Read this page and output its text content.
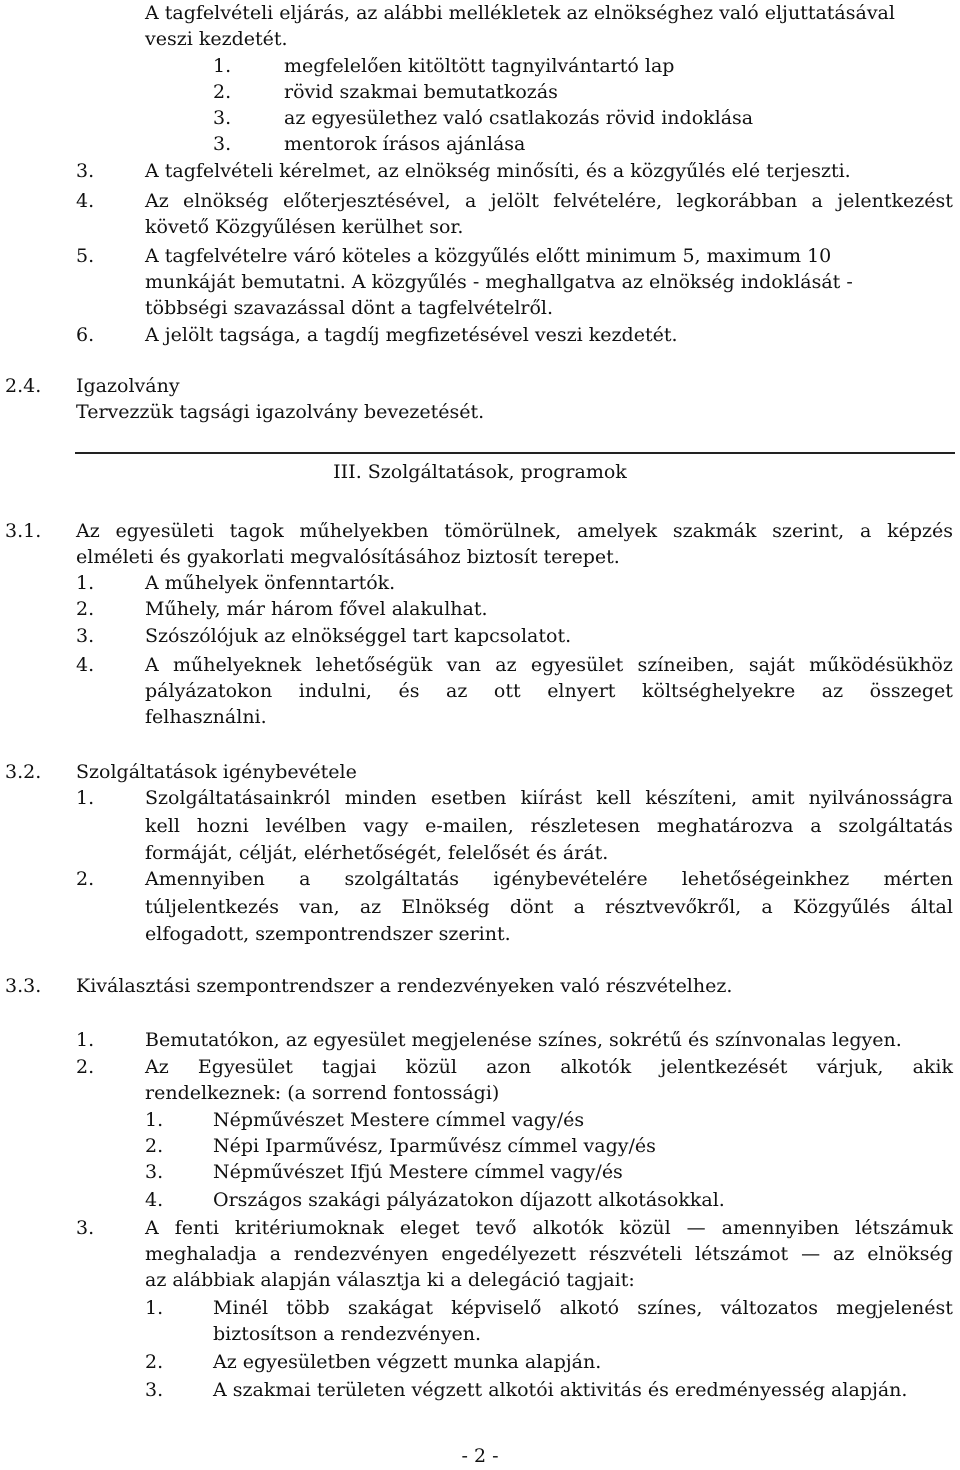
A tagfelvételi eljárás, az alábbi mellékletek az elnökséghez való eljuttatásával
veszi kezdetét.
1.	megfelelően kitöltött tagnyilvántartó lap
2.	rövid szakmai bemutatkozás
3.	az egyesülethez való csatlakozás rövid indoklása
3.	mentorok írásos ajánlása
3.	A tagfelvételi kérelmet, az elnökség minősíti, és a közgyűlés elé terjeszti.
4.	Az elnökség előterjesztésével, a jelölt felvételére, legkorábban a jelentkezést
követő Közgyűlésen kerülhet sor.
5.	A tagfelvételre váró köteles a közgyűlés előtt minimum 5, maximum 10
munkáját bemutatni. A közgyűlés - meghallgatva az elnökség indoklását -
többségi szavazással dönt a tagfelvételről.
6.	A jelölt tagsága, a tagdíj megfizetésével veszi kezdetét.
2.4. Igazolvány
Tervezzük tagsági igazolvány bevezetését.
III. Szolgáltatások, programok
3.1. Az egyesületi tagok műhelyekben tömörülnek, amelyek szakmák szerint, a képzés
elméleti és gyakorlati megvalósításához biztosít terepet.
1.	A műhelyek önfenntartók.
2.	Műhely, már három fővel alakulhat.
3.	Szószólójuk az elnökséggel tart kapcsolatot.
4.	A műhelyeknek lehetőségük van az egyesület színeiben, saját működésükhöz
pályázatokon indulni, és az ott elnyert költséghelyekre az összeget
felhasználni.
3.2. Szolgáltatások igénybevétele
1.	Szolgáltatásainkról minden esetben kiírást kell készíteni, amit nyilvánosságra
kell hozni levélben vagy e-mailen, részletesen meghatározva a szolgáltatás
formáját, célját, elérhetőségét, felelősét és árát.
2.	Amennyiben a szolgáltatás igénybevételére lehetőségeinkhez mérten
túljelentkezés van, az Elnökség dönt a résztvevőkről, a Közgyűlés által
elfogadott, szempontrendszer szerint.
3.3. Kiválasztási szempontrendszer a rendezvényeken való részvételhez.
1.	Bemutatókon, az egyesület megjelenése színes, sokrétű és színvonalas legyen.
2.	Az Egyesület tagjai közül azon alkotók jelentkezését várjuk, akik
rendelkeznek: (a sorrend fontossági)
1.	Népművészet Mestere címmel vagy/és
2.	Népi Iparművész, Iparművész címmel vagy/és
3.	Népművészet Ifjú Mestere címmel vagy/és
4.	Országos szakági pályázatokon díjazott alkotásokkal.
3.	A fenti kritériumoknak eleget tevő alkotók közül — amennyiben létszámuk
meghaladja a rendezvényen engedélyezett részvételi létszámot — az elnökség
az alábbiak alapján választja ki a delegáció tagjait:
1.	Minél több szakágat képviselő alkotó színes, változatos megjelenést
biztosítson a rendezvényen.
2.	Az egyesületben végzett munka alapján.
3.	A szakmai területen végzett alkotói aktivitás és eredményesség alapján.
- 2 -
